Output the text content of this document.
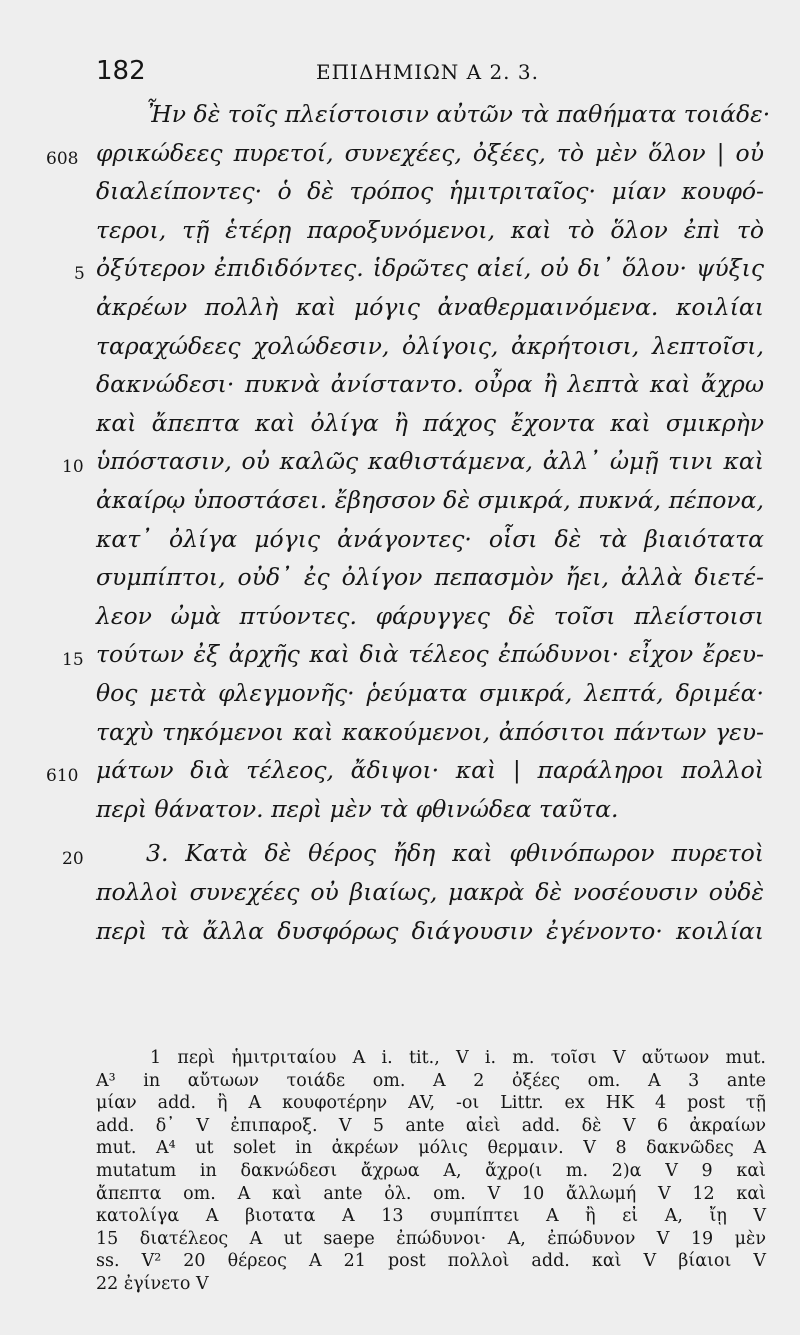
182	ΕΠΙΔΗΜΙΩΝ Α 2. 3.
Ἦν δὲ τοῖς πλείστοισιν αὐτῶν τὰ παθήματα τοιάδε·
608 φρικώδεες πυρετοί, συνεχέες, ὀξέες, τὸ μὲν ὅλον | οὐ
διαλείποντες· ὁ δὲ τρόπος ἡμιτριταῖος· μίαν κουφό-
τεροι, τῇ ἑτέρῃ παροξυνόμενοι, καὶ τὸ ὅλον ἐπὶ τὸ
5 ὀξύτερον ἐπιδιδόντες. ἱδρῶτες αἰεί, οὐ δι᾽ ὅλου· ψύξις
ἀκρέων πολλὴ καὶ μόγις ἀναθερμαινόμενα. κοιλίαι
ταραχώδεες χολώδεσιν, ὀλίγοις, ἀκρήτοισι, λεπτοῖσι,
δακνώδεσι· πυκνὰ ἀνίσταντο. οὖρα ἢ λεπτὰ καὶ ἄχρω
καὶ ἄπεπτα καὶ ὀλίγα ἢ πάχος ἔχοντα καὶ σμικρὴν
10 ὑπόστασιν, οὐ καλῶς καθιστάμενα, ἀλλ᾽ ὠμῇ τινι καὶ
ἀκαίρῳ ὑποστάσει. ἔβησσον δὲ σμικρά, πυκνά, πέπονα,
κατ᾽ ὀλίγα μόγις ἀνάγοντες· οἷσι δὲ τὰ βιαιότατα
συμπίπτοι, οὐδ᾽ ἐς ὀλίγον πεπασμὸν ἤει, ἀλλὰ διετέ-
λεον ὠμὰ πτύοντες. φάρυγγες δὲ τοῖσι πλείστοισι
15 τούτων ἐξ ἀρχῆς καὶ διὰ τέλεος ἐπώδυνοι· εἶχον ἔρευ-
θος μετὰ φλεγμονῆς· ῥεύματα σμικρά, λεπτά, δριμέα·
ταχὺ τηκόμενοι καὶ κακούμενοι, ἀπόσιτοι πάντων γευ-
610 μάτων διὰ τέλεος, ἄδιψοι· καὶ | παράληροι πολλοὶ
περὶ θάνατον. περὶ μὲν τὰ φθινώδεα ταῦτα.
20	3. Κατὰ δὲ θέρος ἤδη καὶ φθινόπωρον πυρετοὶ
πολλοὶ συνεχέες οὐ βιαίως, μακρὰ δὲ νοσέουσιν οὐδὲ
περὶ τὰ ἄλλα δυσφόρως διάγουσιν ἐγένοντο· κοιλίαι
1 περὶ ἡμιτριταίου A i. tit., V i. m. τοῖσι V αὔτωον mut.
A³ in αὔτωων τοιάδε om. A 2 ὀξέες om. A 3 ante
μίαν add. ἢ A κουφοτέρην AV, -οι Littr. ex HK 4 post τῇ
add. δ᾽ V ἐπιπαροξ. V 5 ante αἰεὶ add. δὲ V 6 ἀκραίων
mut. A⁴ ut solet in ἀκρέων μόλις θερμαιν. V 8 δακνῶδες A
mutatum in δακνώδεσι ἄχρωα A, ἄχρο(ι m. 2)α V 9 καὶ
ἄπεπτα om. A καὶ ante ὀλ. om. V 10 ἄλλωμή V 12 καὶ
κατολίγα A βιοτατα A 13 συμπίπτει A ἢ εἰ A, ἴῃ V
15 διατέλεος A ut saepe ἐπώδυνοι· A, ἐπώδυνον V 19 μὲν
ss. V² 20 θέρεος A 21 post πολλοὶ add. καὶ V βίαιοι V
22 ἐγίνετο V
